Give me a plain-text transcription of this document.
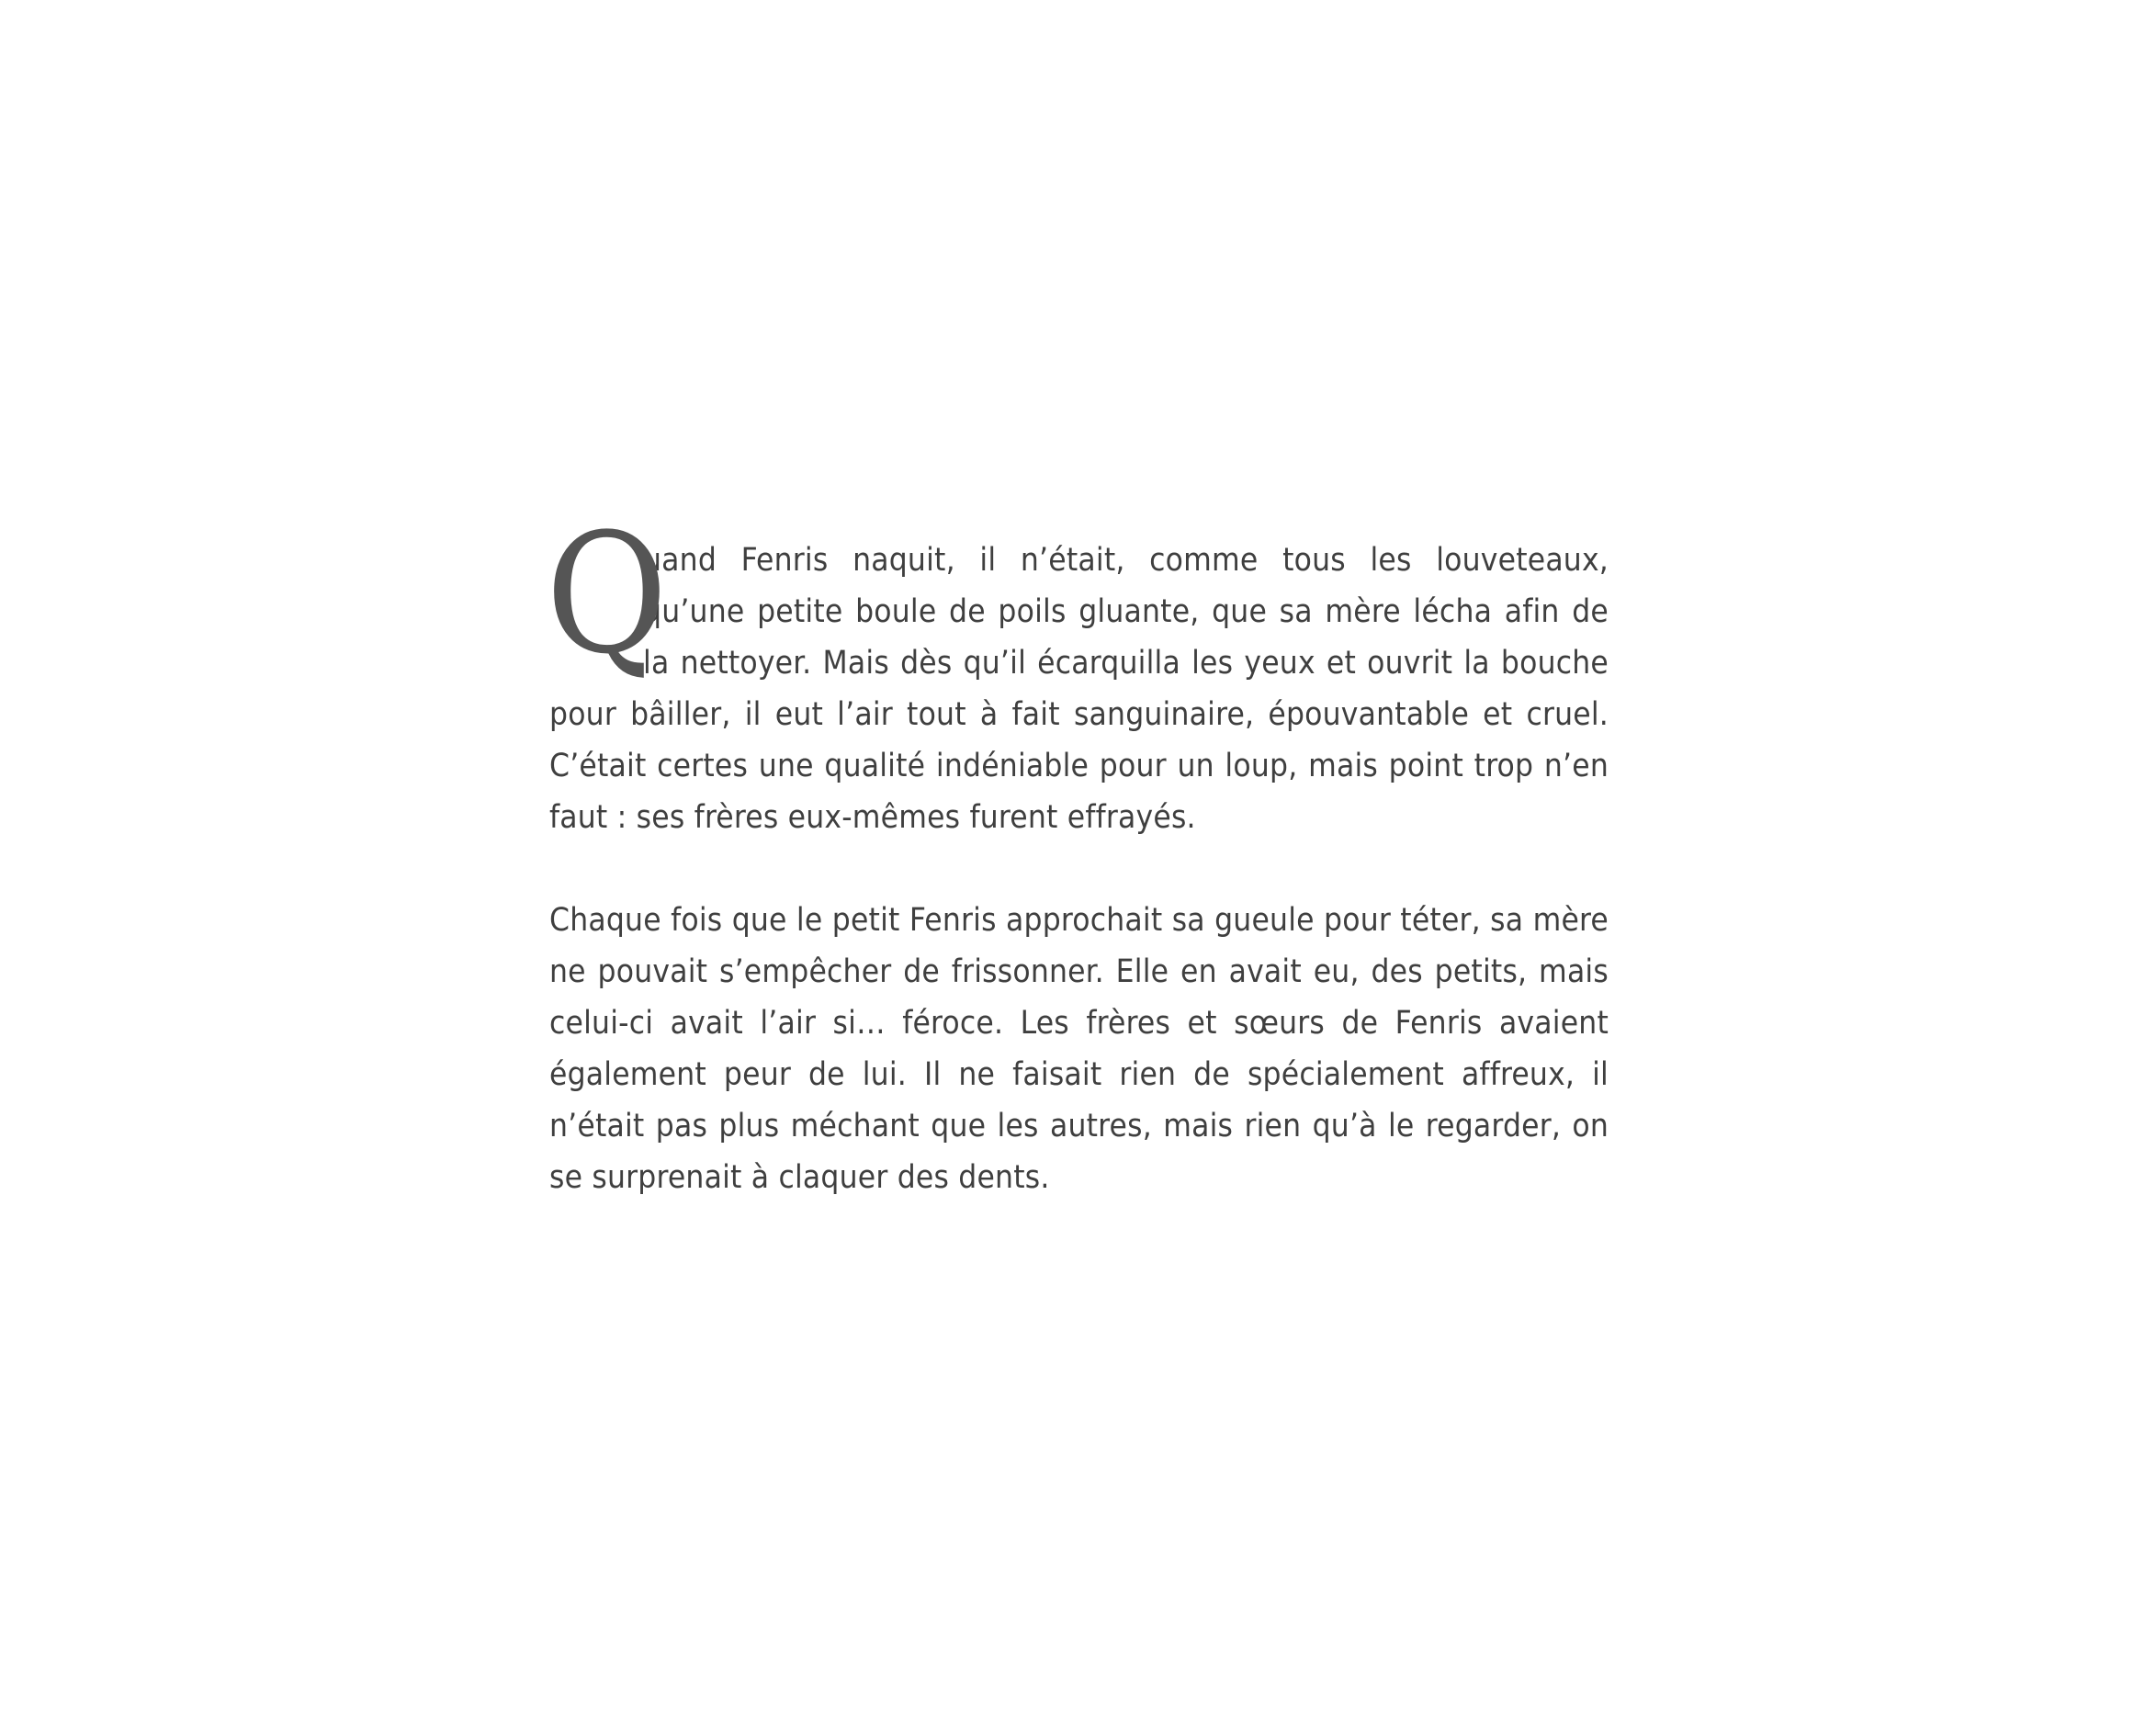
Q
uand Fenris naquit, il n’était, comme tous les louveteaux,
qu’une petite boule de poils gluante, que sa mère lécha afin de
la nettoyer. Mais dès qu’il écarquilla les yeux et ouvrit la bouche
pour bâiller, il eut l’air tout à fait sanguinaire, épouvantable et cruel.
C’était certes une qualité indéniable pour un loup, mais point trop n’en
faut : ses frères eux-mêmes furent effrayés.
Chaque fois que le petit Fenris approchait sa gueule pour téter, sa mère
ne pouvait s’empêcher de frissonner. Elle en avait eu, des petits, mais
celui-ci avait l’air si… féroce. Les frères et sœurs de Fenris avaient
également peur de lui. Il ne faisait rien de spécialement affreux, il
n’était pas plus méchant que les autres, mais rien qu’à le regarder, on
se surprenait à claquer des dents.
